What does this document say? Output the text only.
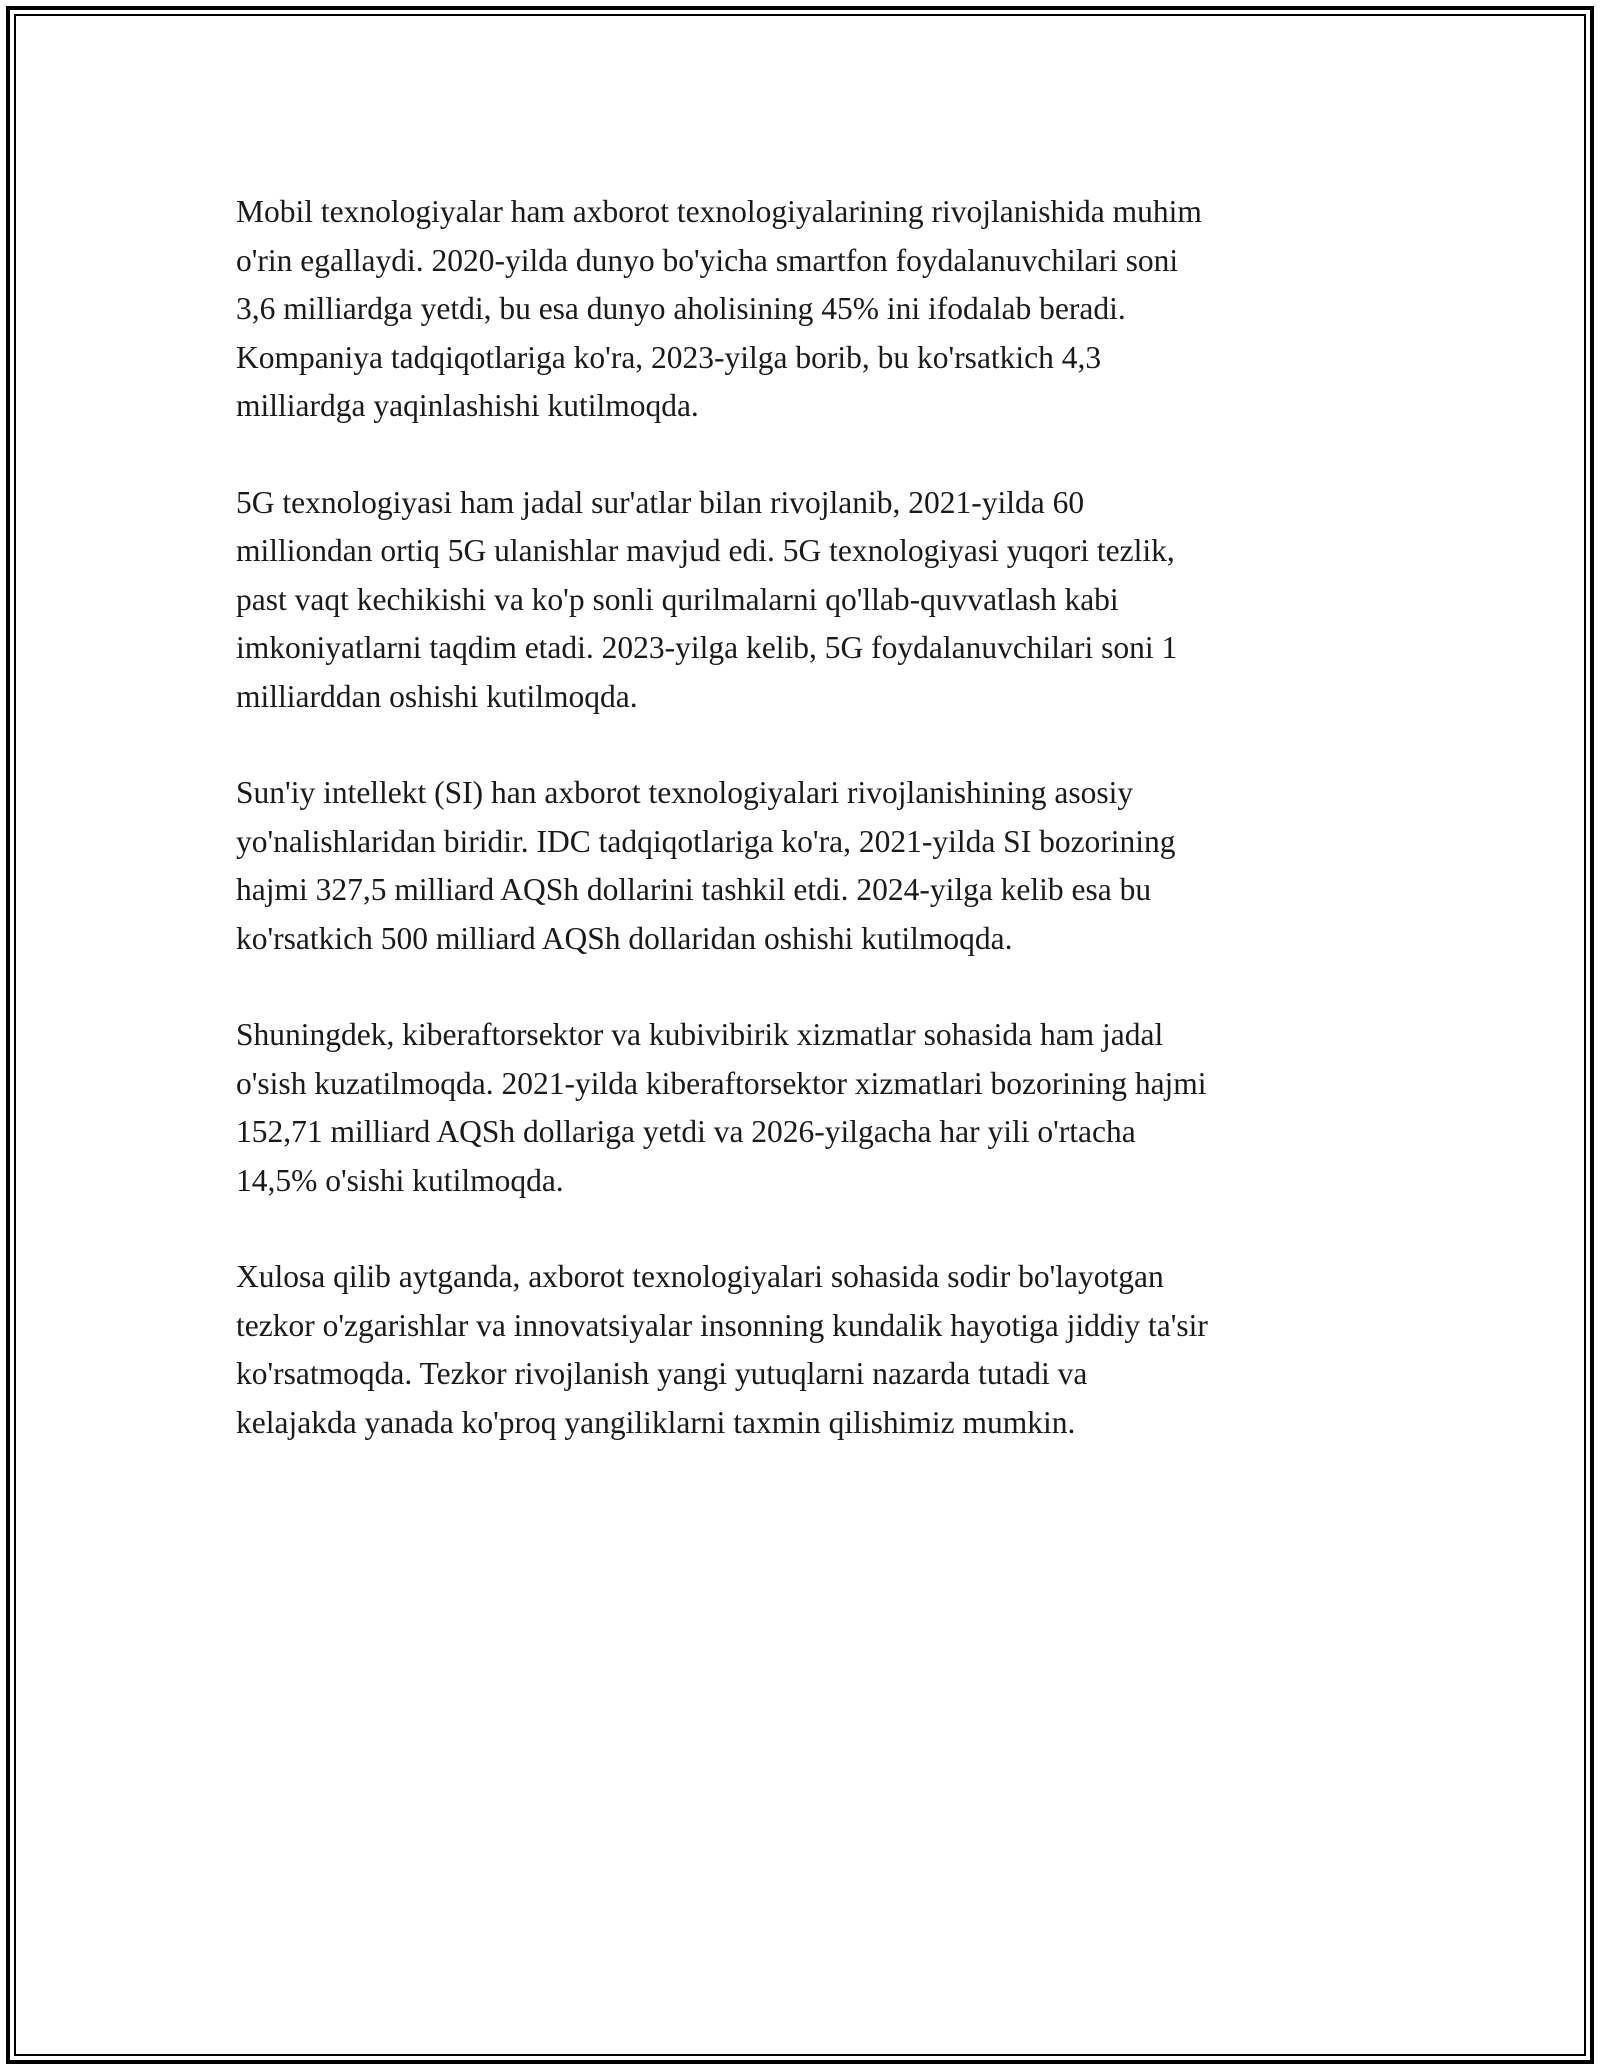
Mobil texnologiyalar ham axborot texnologiyalarining rivojlanishida muhim
o'rin egallaydi. 2020-yilda dunyo bo'yicha smartfon foydalanuvchilari soni
3,6 milliardga yetdi, bu esa dunyo aholisining 45% ini ifodalab beradi.
Kompaniya tadqiqotlariga ko'ra, 2023-yilga borib, bu ko'rsatkich 4,3
milliardga yaqinlashishi kutilmoqda.

5G texnologiyasi ham jadal sur'atlar bilan rivojlanib, 2021-yilda 60
milliondan ortiq 5G ulanishlar mavjud edi. 5G texnologiyasi yuqori tezlik,
past vaqt kechikishi va ko'p sonli qurilmalarni qo'llab-quvvatlash kabi
imkoniyatlarni taqdim etadi. 2023-yilga kelib, 5G foydalanuvchilari soni 1
milliarddan oshishi kutilmoqda.

Sun'iy intellekt (SI) han axborot texnologiyalari rivojlanishining asosiy
yo'nalishlaridan biridir. IDC tadqiqotlariga ko'ra, 2021-yilda SI bozorining
hajmi 327,5 milliard AQSh dollarini tashkil etdi. 2024-yilga kelib esa bu
ko'rsatkich 500 milliard AQSh dollaridan oshishi kutilmoqda.

Shuningdek, kiberaftorsektor va kubivibirik xizmatlar sohasida ham jadal
o'sish kuzatilmoqda. 2021-yilda kiberaftorsektor xizmatlari bozorining hajmi
152,71 milliard AQSh dollariga yetdi va 2026-yilgacha har yili o'rtacha
14,5% o'sishi kutilmoqda.

Xulosa qilib aytganda, axborot texnologiyalari sohasida sodir bo'layotgan
tezkor o'zgarishlar va innovatsiyalar insonning kundalik hayotiga jiddiy ta'sir
ko'rsatmoqda. Tezkor rivojlanish yangi yutuqlarni nazarda tutadi va
kelajakda yanada ko'proq yangiliklarni taxmin qilishimiz mumkin.
